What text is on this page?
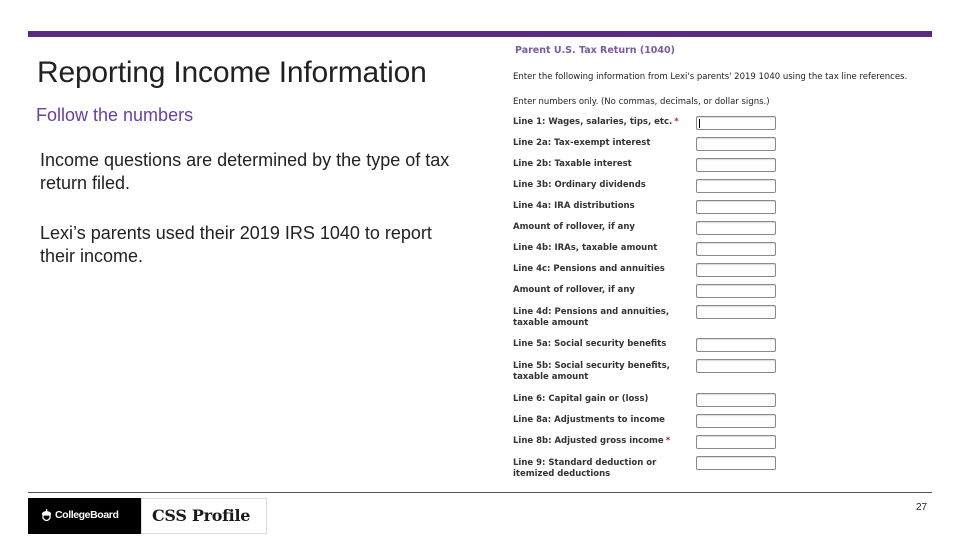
Reporting Income Information
Follow the numbers
Income questions are determined by the type of tax return filed.
Lexi’s parents used their 2019 IRS 1040 to report their income.
Parent U.S. Tax Return (1040)
Enter the following information from Lexi's parents' 2019 1040 using the tax line references.
Enter numbers only. (No commas, decimals, or dollar signs.)
Line 1: Wages, salaries, tips, etc. *
Line 2a: Tax-exempt interest
Line 2b: Taxable interest
Line 3b: Ordinary dividends
Line 4a: IRA distributions
Amount of rollover, if any
Line 4b: IRAs, taxable amount
Line 4c: Pensions and annuities
Amount of rollover, if any
Line 4d: Pensions and annuities, taxable amount
Line 5a: Social security benefits
Line 5b: Social security benefits, taxable amount
Line 6: Capital gain or (loss)
Line 8a: Adjustments to income
Line 8b: Adjusted gross income *
Line 9: Standard deduction or itemized deductions
CollegeBoard CSS Profile	27
